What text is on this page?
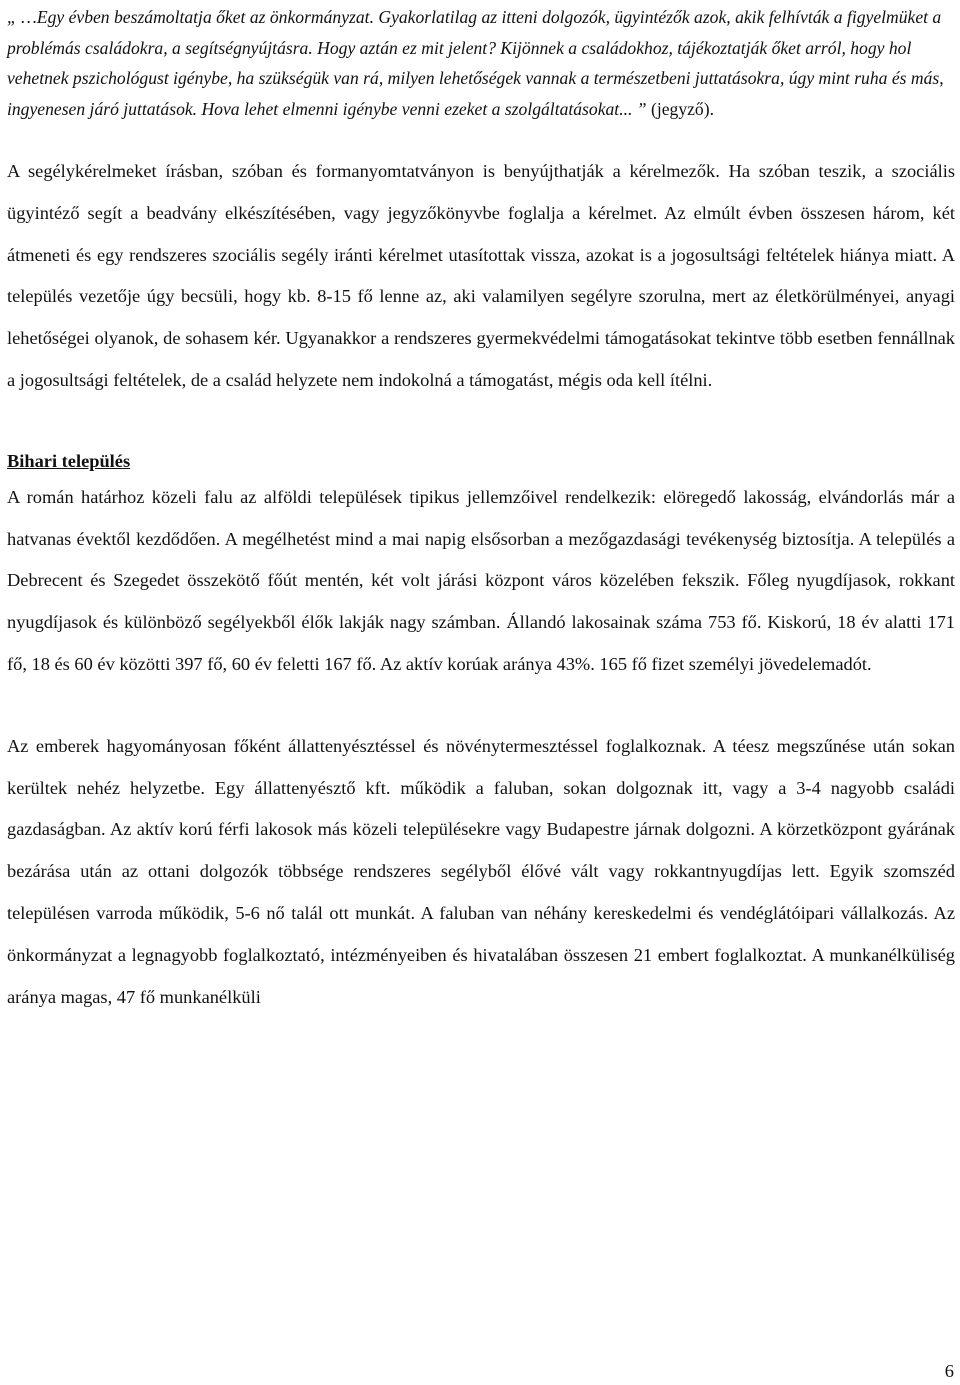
„ …Egy évben beszámoltatja őket az önkormányzat. Gyakorlatilag az itteni dolgozók, ügyintézők azok, akik felhívták a figyelmüket a problémás családokra, a segítségnyújtásra. Hogy aztán ez mit jelent? Kijönnek a családokhoz, tájékoztatják őket arról, hogy hol vehetnek pszichológust igénybe, ha szükségük van rá, milyen lehetőségek vannak a természetbeni juttatásokra, úgy mint ruha és más, ingyenesen járó juttatások. Hova lehet elmenni igénybe venni ezeket a szolgáltatásokat... ” (jegyző).

A segélykérelmeket írásban, szóban és formanyomtatványon is benyújthatják a kérelmezők. Ha szóban teszik, a szociális ügyintéző segít a beadvány elkészítésében, vagy jegyzőkönyvbe foglalja a kérelmet. Az elmúlt évben összesen három, két átmeneti és egy rendszeres szociális segély iránti kérelmet utasítottak vissza, azokat is a jogosultsági feltételek hiánya miatt. A település vezetője úgy becsüli, hogy kb. 8-15 fő lenne az, aki valamilyen segélyre szorulna, mert az életkörülményei, anyagi lehetőségei olyanok, de sohasem kér. Ugyanakkor a rendszeres gyermekvédelmi támogatásokat tekintve több esetben fennállnak a jogosultsági feltételek, de a család helyzete nem indokolná a támogatást, mégis oda kell ítélni.

Bihari település

A román határhoz közeli falu az alföldi települések tipikus jellemzőivel rendelkezik: elöregedő lakosság, elvándorlás már a hatvanas évektől kezdődően. A megélhetést mind a mai napig elsősorban a mezőgazdasági tevékenység biztosítja. A település a Debrecent és Szegedet összekötő főút mentén, két volt járási központ város közelében fekszik. Főleg nyugdíjasok, rokkant nyugdíjasok és különböző segélyekből élők lakják nagy számban. Állandó lakosainak száma 753 fő. Kiskorú, 18 év alatti 171 fő, 18 és 60 év közötti 397 fő, 60 év feletti 167 fő. Az aktív korúak aránya 43%. 165 fő fizet személyi jövedelemadót.

Az emberek hagyományosan főként állattenyésztéssel és növénytermesztéssel foglalkoznak. A téesz megszűnése után sokan kerültek nehéz helyzetbe. Egy állattenyésztő kft. működik a faluban, sokan dolgoznak itt, vagy a 3-4 nagyobb családi gazdaságban. Az aktív korú férfi lakosok más közeli településekre vagy Budapestre járnak dolgozni. A körzetközpont gyárának bezárása után az ottani dolgozók többsége rendszeres segélyből élővé vált vagy rokkantnyugdíjas lett. Egyik szomszéd településen varroda működik, 5-6 nő talál ott munkát. A faluban van néhány kereskedelmi és vendéglátóipari vállalkozás. Az önkormányzat a legnagyobb foglalkoztató, intézményeiben és hivatalában összesen 21 embert foglalkoztat. A munkanélküliség aránya magas, 47 fő munkanélküli

6
